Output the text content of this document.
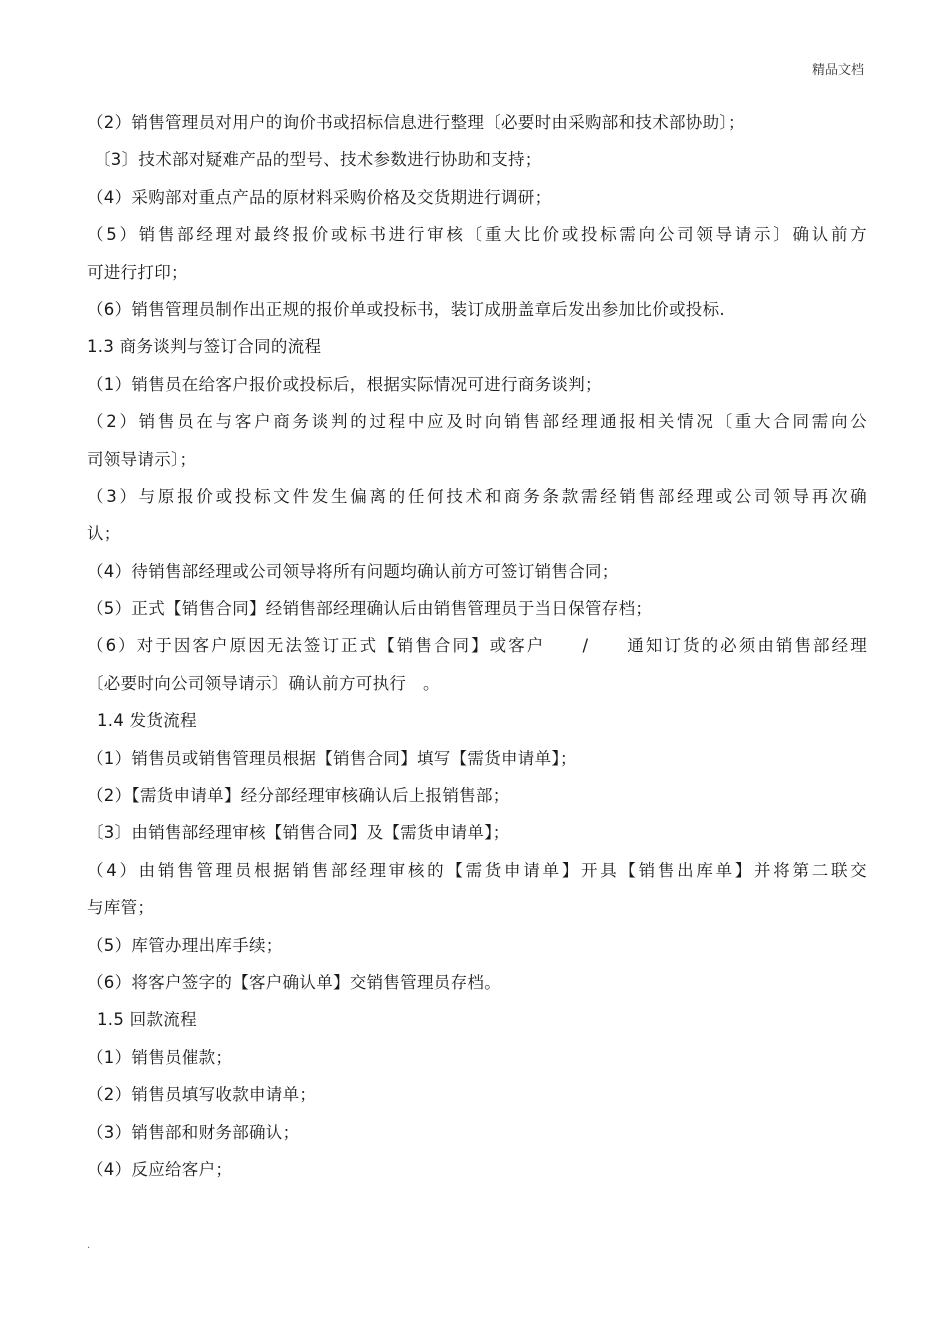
精品文档
（2）销售管理员对用户的询价书或招标信息进行整理〔必要时由采购部和技术部协助〕；
〔3〕技术部对疑难产品的型号、技术参数进行协助和支持；
（4）采购部对重点产品的原材料采购价格及交货期进行调研；
（5）销售部经理对最终报价或标书进行审核〔重大比价或投标需向公司领导请示〕确认前方
可进行打印；
（6）销售管理员制作出正规的报价单或投标书，装订成册盖章后发出参加比价或投标.
1.3 商务谈判与签订合同的流程
（1）销售员在给客户报价或投标后，根据实际情况可进行商务谈判；
（2）销售员在与客户商务谈判的过程中应及时向销售部经理通报相关情况〔重大合同需向公
司领导请示〕；
（3）与原报价或投标文件发生偏离的任何技术和商务条款需经销售部经理或公司领导再次确
认；
（4）待销售部经理或公司领导将所有问题均确认前方可签订销售合同；
（5）正式【销售合同】经销售部经理确认后由销售管理员于当日保管存档；
（6）对于因客户原因无法签订正式【销售合同】或客户　　/　　通知订货的必须由销售部经理
〔必要时向公司领导请示〕确认前方可执行　。
1.4 发货流程
（1）销售员或销售管理员根据【销售合同】填写【需货申请单】；
（2）【需货申请单】经分部经理审核确认后上报销售部；
〔3〕由销售部经理审核【销售合同】及【需货申请单】；
（4）由销售管理员根据销售部经理审核的【需货申请单】开具【销售出库单】并将第二联交
与库管；
（5）库管办理出库手续；
（6）将客户签字的【客户确认单】交销售管理员存档。
1.5 回款流程
（1）销售员催款；
（2）销售员填写收款申请单；
（3）销售部和财务部确认；
（4）反应给客户；
.
